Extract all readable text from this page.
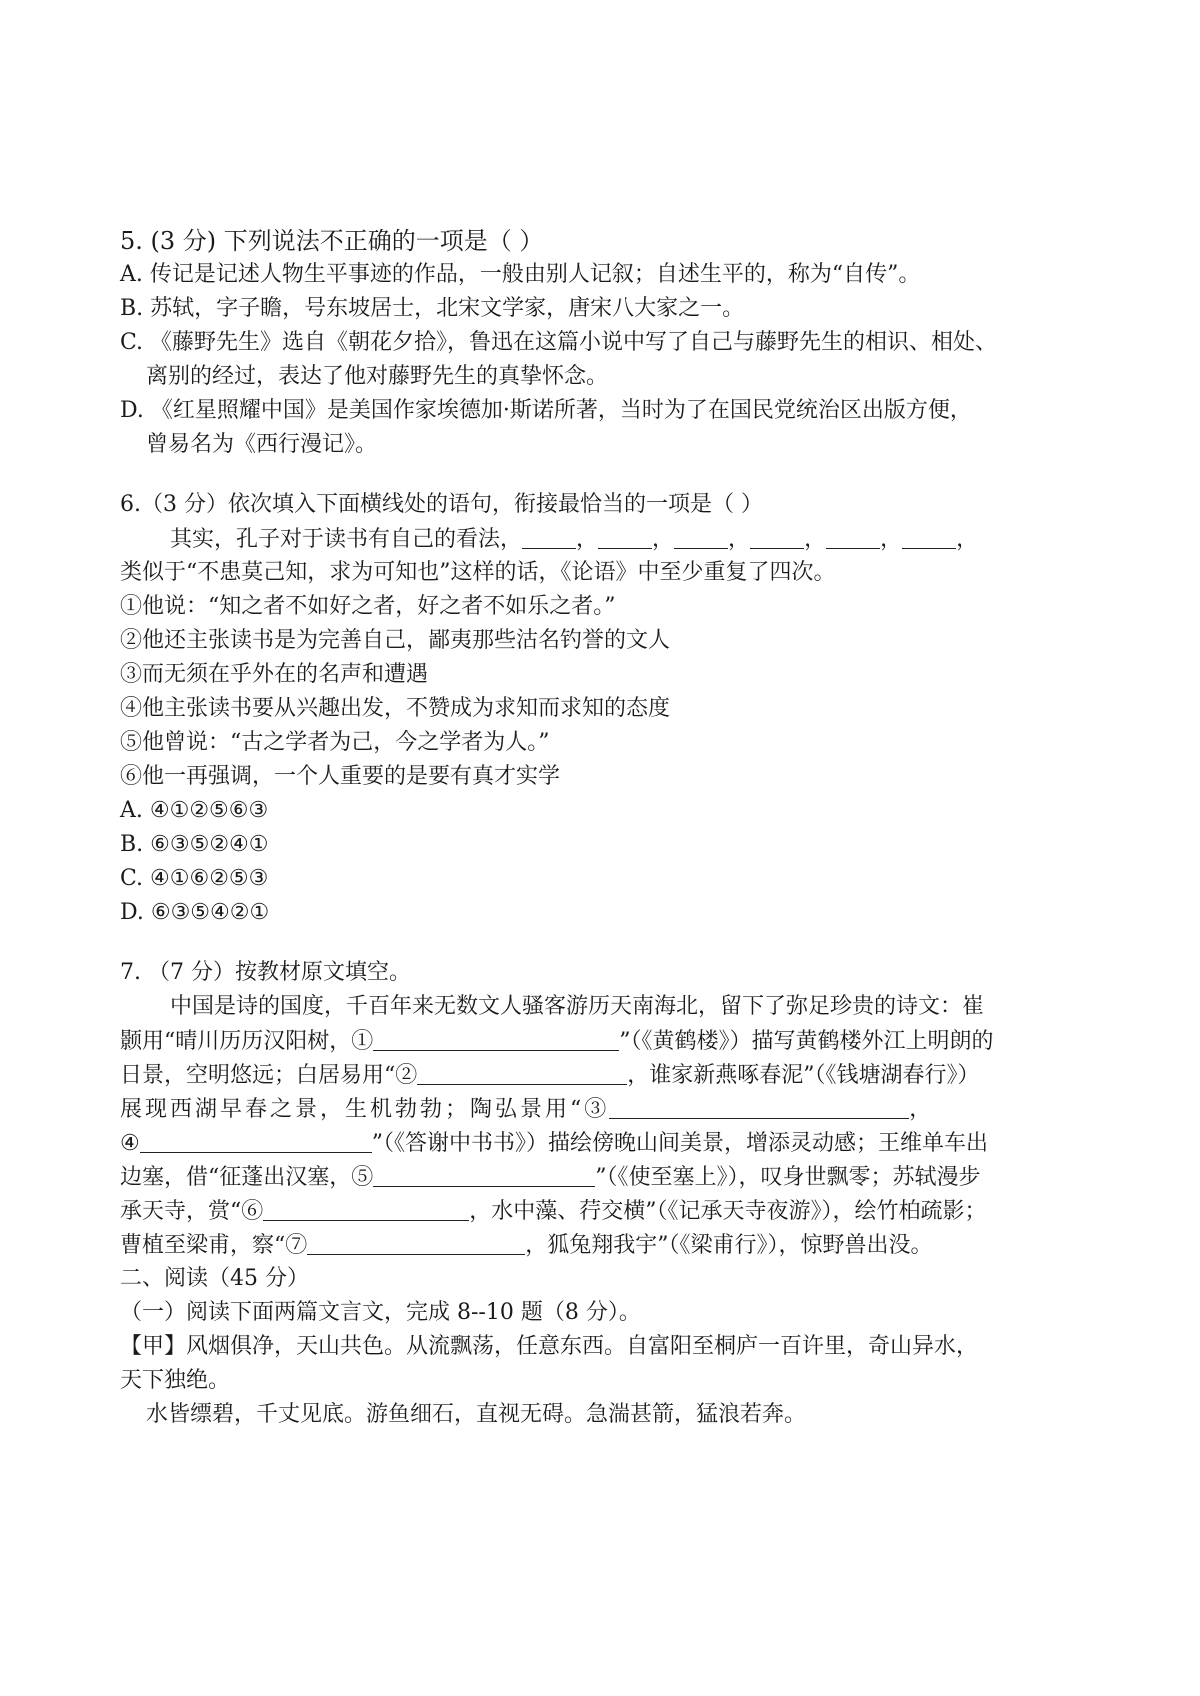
5. (3 分) 下列说法不正确的一项是（ ）

A. 传记是记述人物生平事迹的作品，一般由别人记叙；自述生平的，称为“自传”。

B. 苏轼，字子瞻，号东坡居士，北宋文学家，唐宋八大家之一。

C. 《藤野先生》选自《朝花夕拾》，鲁迅在这篇小说中写了自己与藤野先生的相识、相处、

离别的经过，表达了他对藤野先生的真挚怀念。

D. 《红星照耀中国》是美国作家埃德加·斯诺所著，当时为了在国民党统治区出版方便，

曾易名为《西行漫记》。

6.（3 分）依次填入下面横线处的语句，衔接最恰当的一项是（ ）

其实，孔子对于读书有自己的看法， ， ， ， ， ， ，

类似于“不患莫己知，求为可知也”这样的话，《论语》中至少重复了四次。

①他说：“知之者不如好之者，好之者不如乐之者。”

②他还主张读书是为完善自己，鄙夷那些沽名钓誉的文人

③而无须在乎外在的名声和遭遇

④他主张读书要从兴趣出发，不赞成为求知而求知的态度

⑤他曾说：“古之学者为己，今之学者为人。”

⑥他一再强调，一个人重要的是要有真才实学

A. ④①②⑤⑥③

B. ⑥③⑤②④①

C. ④①⑥②⑤③

D. ⑥③⑤④②①

7. （7 分）按教材原文填空。

中国是诗的国度，千百年来无数文人骚客游历天南海北，留下了弥足珍贵的诗文：崔

颢用“晴川历历汉阳树，①	”（《黄鹤楼》）描写黄鹤楼外江上明朗的

日景，空明悠远；白居易用“②	，谁家新燕啄春泥”（《钱塘湖春行》）

展现西湖早春之景，生机勃勃；陶弘景用“③	，

④	”（《答谢中书书》）描绘傍晚山间美景，增添灵动感；王维单车出

边塞，借“征蓬出汉塞，⑤	”（《使至塞上》），叹身世飘零；苏轼漫步

承天寺，赏“⑥	，水中藻、荇交横”（《记承天寺夜游》），绘竹柏疏影；

曹植至梁甫，察“⑦	，狐兔翔我宇”（《梁甫行》），惊野兽出没。

二、阅读（45 分）

（一）阅读下面两篇文言文，完成 8--10 题（8 分）。

【甲】风烟俱净，天山共色。从流飘荡，任意东西。自富阳至桐庐一百许里，奇山异水，

天下独绝。

水皆缥碧，千丈见底。游鱼细石，直视无碍。急湍甚箭，猛浪若奔。
